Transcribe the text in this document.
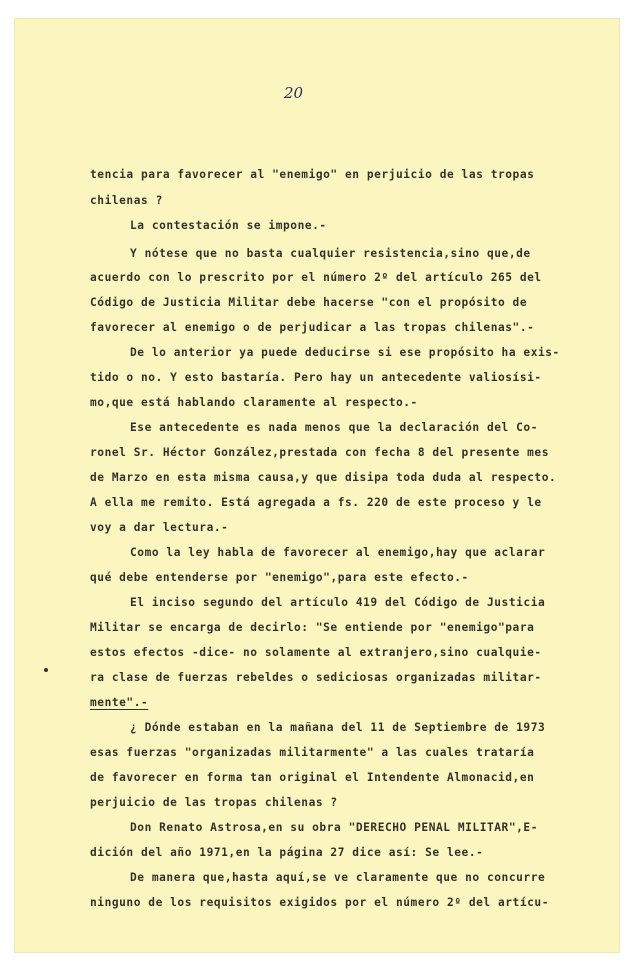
20
tencia para favorecer al "enemigo" en perjuicio de las tropas
chilenas ?
La contestación se impone.-
Y nótese que no basta cualquier resistencia,sino que,de
acuerdo con lo prescrito por el número 2º del artículo 265 del
Código de Justicia Militar debe hacerse "con el propósito de
favorecer al enemigo o de perjudicar a las tropas chilenas".-
De lo anterior ya puede deducirse si ese propósito ha exis-
tido o no. Y esto bastaría. Pero hay un antecedente valiosísi-
mo,que está hablando claramente al respecto.-
Ese antecedente es nada menos que la declaración del Co-
ronel Sr. Héctor González,prestada con fecha 8 del presente mes
de Marzo en esta misma causa,y que disipa toda duda al respecto.
A ella me remito. Está agregada a fs. 220 de este proceso y le
voy a dar lectura.-
Como la ley habla de favorecer al enemigo,hay que aclarar
qué debe entenderse por "enemigo",para este efecto.-
El inciso segundo del artículo 419 del Código de Justicia
Militar se encarga de decirlo: "Se entiende por "enemigo"para
estos efectos -dice- no solamente al extranjero,sino cualquie-
ra clase de fuerzas rebeldes o sediciosas organizadas militar-
mente".-
¿ Dónde estaban en la mañana del 11 de Septiembre de 1973
esas fuerzas "organizadas militarmente" a las cuales trataría
de favorecer en forma tan original el Intendente Almonacid,en
perjuicio de las tropas chilenas ?
Don Renato Astrosa,en su obra "DERECHO PENAL MILITAR",E-
dición del año 1971,en la página 27 dice así: Se lee.-
De manera que,hasta aquí,se ve claramente que no concurre
ninguno de los requisitos exigidos por el número 2º del artícu-
